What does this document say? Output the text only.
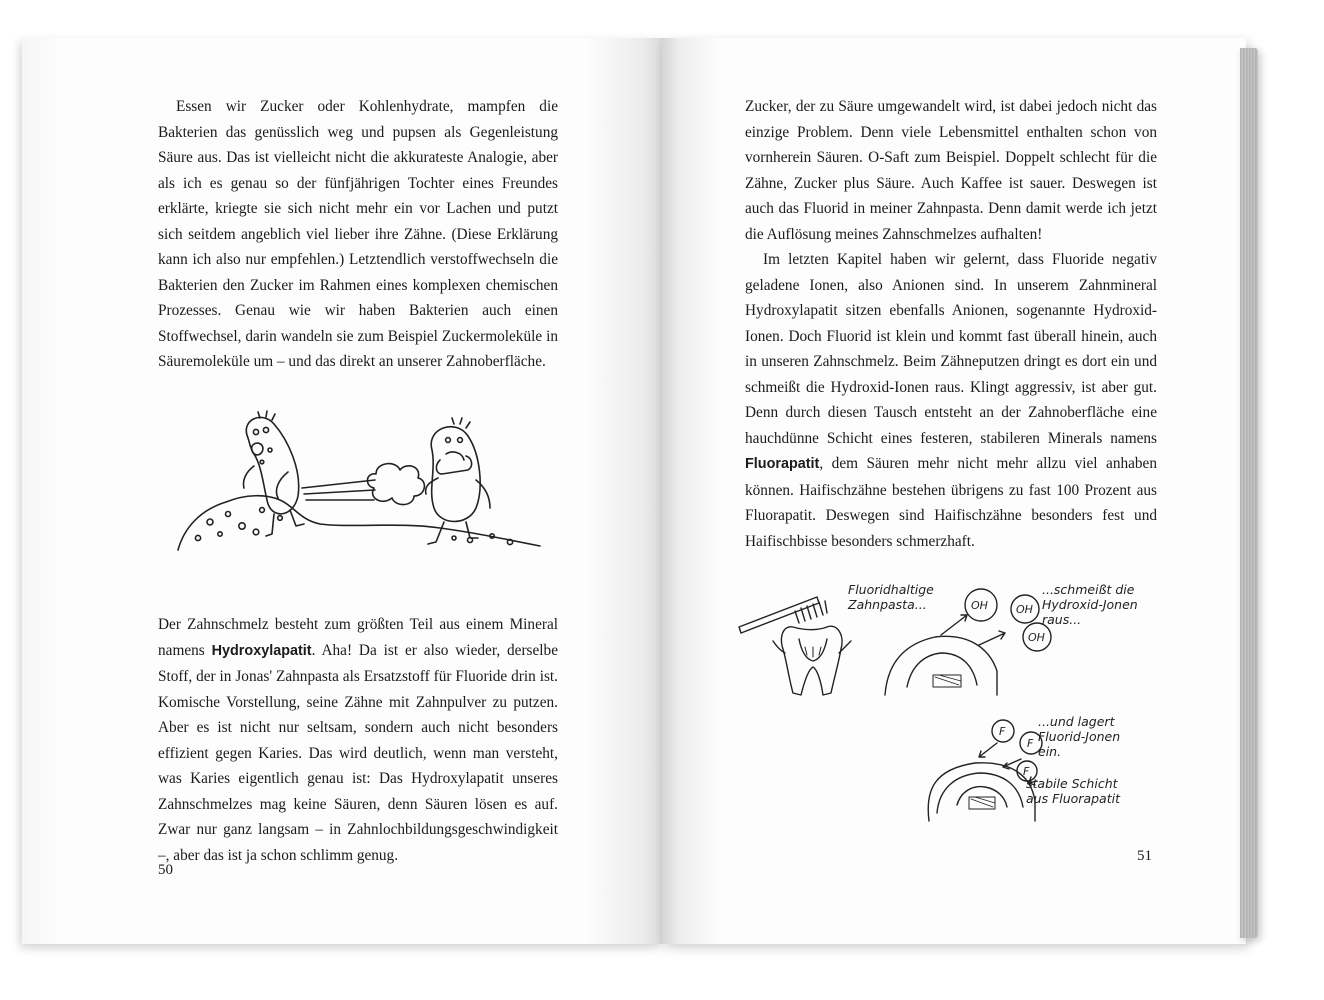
Essen wir Zucker oder Kohlenhydrate, mampfen die Bakterien das genüsslich weg und pupsen als Gegenleistung Säure aus. Das ist vielleicht nicht die akkurateste Analogie, aber als ich es genau so der fünfjährigen Tochter eines Freundes erklärte, kriegte sie sich nicht mehr ein vor Lachen und putzt sich seitdem angeblich viel lieber ihre Zähne. (Diese Erklärung kann ich also nur empfehlen.) Letztendlich verstoffwechseln die Bakterien den Zucker im Rahmen eines komplexen chemischen Prozesses. Genau wie wir haben Bakterien auch einen Stoffwechsel, darin wandeln sie zum Beispiel Zuckermoleküle in Säuremoleküle um – und das direkt an unserer Zahnoberfläche.

Der Zahnschmelz besteht zum größten Teil aus einem Mineral namens Hydroxylapatit. Aha! Da ist er also wieder, derselbe Stoff, der in Jonas' Zahnpasta als Ersatzstoff für Fluoride drin ist. Komische Vorstellung, seine Zähne mit Zahnpulver zu putzen. Aber es ist nicht nur seltsam, sondern auch nicht besonders effizient gegen Karies. Das wird deutlich, wenn man versteht, was Karies eigentlich genau ist: Das Hydroxylapatit unseres Zahnschmelzes mag keine Säuren, denn Säuren lösen es auf. Zwar nur ganz langsam – in Zahnlochbildungsgeschwindigkeit –, aber das ist ja schon schlimm genug.

50

Zucker, der zu Säure umgewandelt wird, ist dabei jedoch nicht das einzige Problem. Denn viele Lebensmittel enthalten schon von vornherein Säuren. O-Saft zum Beispiel. Doppelt schlecht für die Zähne, Zucker plus Säure. Auch Kaffee ist sauer. Deswegen ist auch das Fluorid in meiner Zahnpasta. Denn damit werde ich jetzt die Auflösung meines Zahnschmelzes aufhalten!

Im letzten Kapitel haben wir gelernt, dass Fluoride negativ geladene Ionen, also Anionen sind. In unserem Zahnmineral Hydroxylapatit sitzen ebenfalls Anionen, sogenannte Hydroxid-Ionen. Doch Fluorid ist klein und kommt fast überall hinein, auch in unseren Zahnschmelz. Beim Zähneputzen dringt es dort ein und schmeißt die Hydroxid-Ionen raus. Klingt aggressiv, ist aber gut. Denn durch diesen Tausch entsteht an der Zahnoberfläche eine hauchdünne Schicht eines festeren, stabileren Minerals namens Fluorapatit, dem Säuren mehr nicht mehr allzu viel anhaben können. Haifischzähne bestehen übrigens zu fast 100 Prozent aus Fluorapatit. Deswegen sind Haifischzähne besonders fest und Haifischbisse besonders schmerzhaft.

OH	OH
OH
F
F
F
Fluoridhaltige
Zahnpasta...
...schmeißt die
Hydroxid-Jonen
raus...
...und lagert
Fluorid-Jonen
ein.
stabile Schicht
aus Fluorapatit
51
